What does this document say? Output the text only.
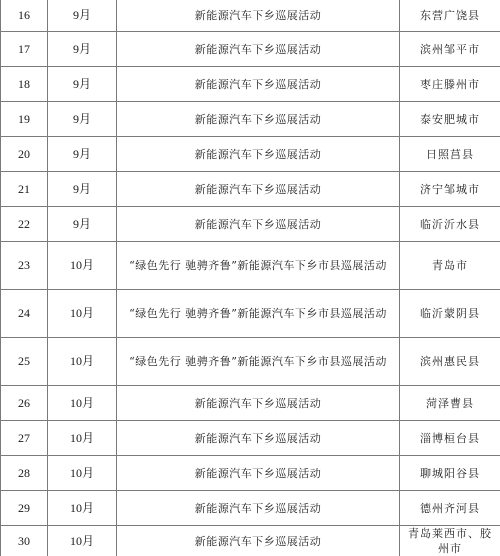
16	9月	新能源汽车下乡巡展活动	东营广饶县
17	9月	新能源汽车下乡巡展活动	滨州邹平市
18	9月	新能源汽车下乡巡展活动	枣庄滕州市
19	9月	新能源汽车下乡巡展活动	泰安肥城市
20	9月	新能源汽车下乡巡展活动	日照莒县
21	9月	新能源汽车下乡巡展活动	济宁邹城市
22	9月	新能源汽车下乡巡展活动	临沂沂水县
23	10月	“绿色先行 驰骋齐鲁”新能源汽车下乡市县巡展活动	青岛市
24	10月	“绿色先行 驰骋齐鲁”新能源汽车下乡市县巡展活动	临沂蒙阴县
25	10月	“绿色先行 驰骋齐鲁”新能源汽车下乡市县巡展活动	滨州惠民县
26	10月	新能源汽车下乡巡展活动	菏泽曹县
27	10月	新能源汽车下乡巡展活动	淄博桓台县
28	10月	新能源汽车下乡巡展活动	聊城阳谷县
29	10月	新能源汽车下乡巡展活动	德州齐河县
30	10月	新能源汽车下乡巡展活动	青岛莱西市、胶州市
